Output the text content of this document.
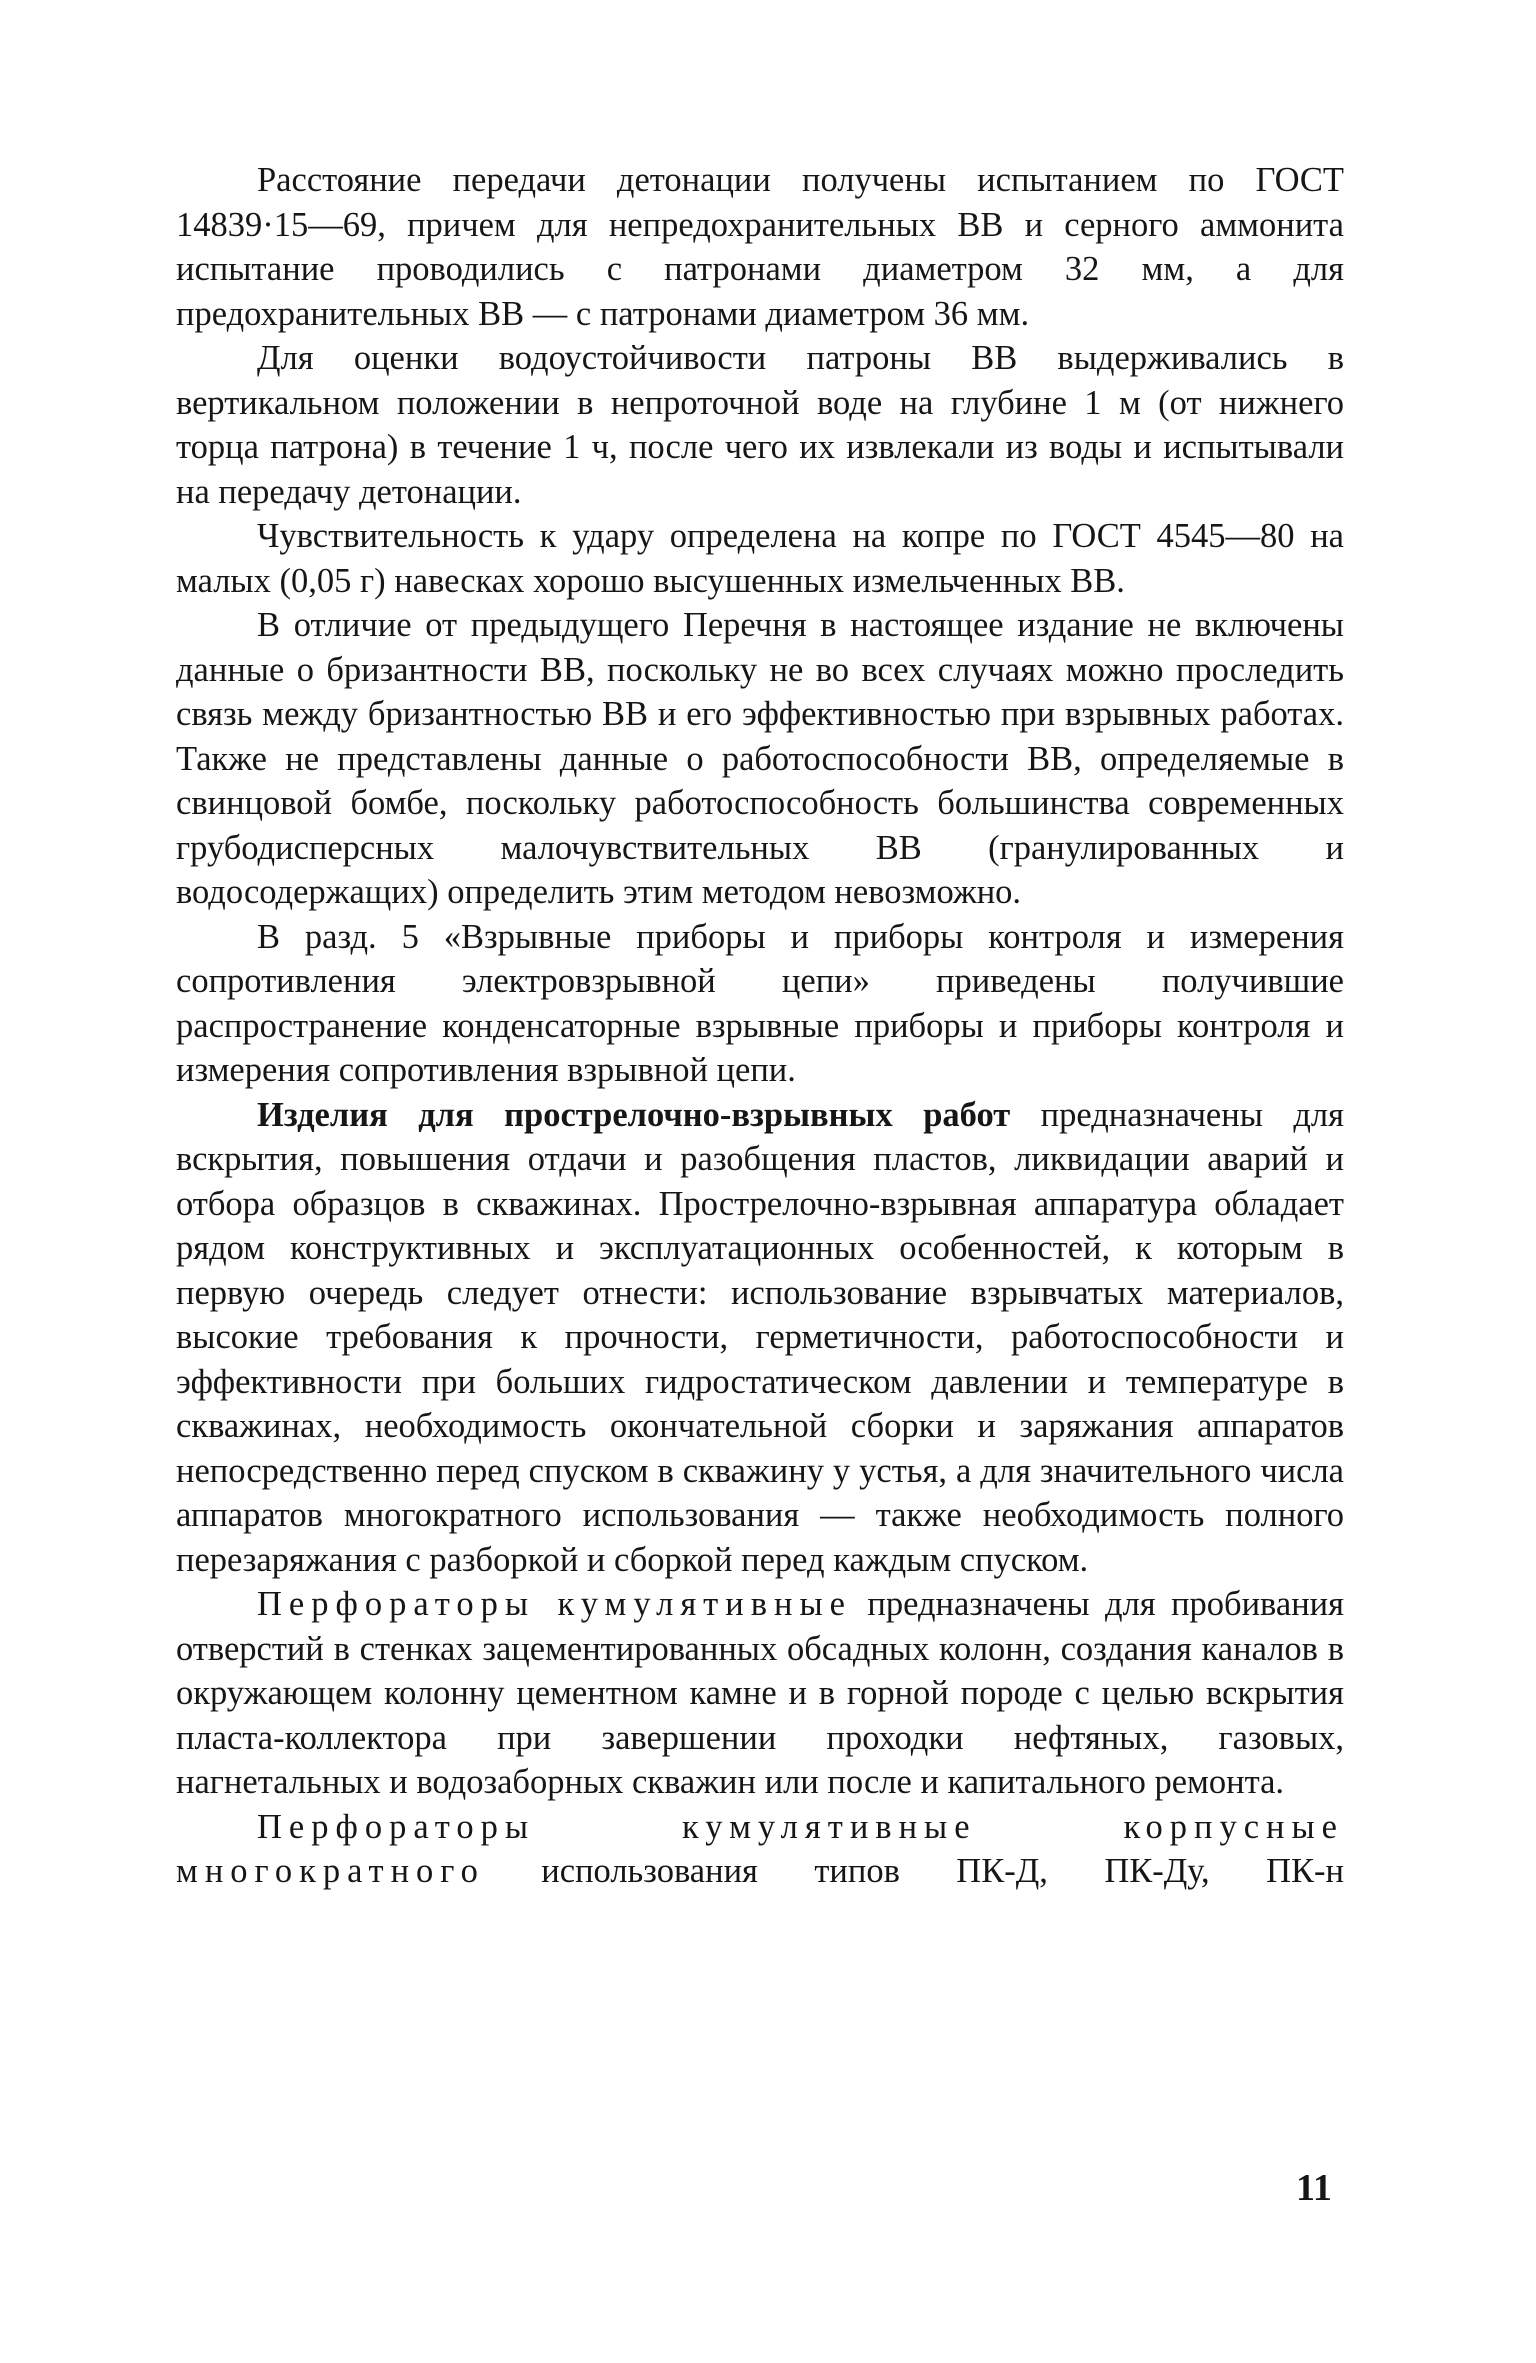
Расстояние передачи детонации получены испытанием по ГОСТ 14839·15—69, причем для непредохранительных ВВ и серного аммонита испытание проводились с патронами диаметром 32 мм, а для предохранительных ВВ — с патронами диаметром 36 мм.

Для оценки водоустойчивости патроны ВВ выдерживались в вертикальном положении в непроточной воде на глубине 1 м (от нижнего торца патрона) в течение 1 ч, после чего их извлекали из воды и испытывали на передачу детонации.

Чувствительность к удару определена на копре по ГОСТ 4545—80 на малых (0,05 г) навесках хорошо высушенных измельченных ВВ.

В отличие от предыдущего Перечня в настоящее издание не включены данные о бризантности ВВ, поскольку не во всех случаях можно проследить связь между бризантностью ВВ и его эффективностью при взрывных работах. Также не представлены данные о работоспособности ВВ, определяемые в свинцовой бомбе, поскольку работоспособность большинства современных грубодисперсных малочувствительных ВВ (гранулированных и водосодержащих) определить этим методом невозможно.

В разд. 5 «Взрывные приборы и приборы контроля и измерения сопротивления электровзрывной цепи» приведены получившие распространение конденсаторные взрывные приборы и приборы контроля и измерения сопротивления взрывной цепи.

Изделия для прострелочно-взрывных работ предназначены для вскрытия, повышения отдачи и разобщения пластов, ликвидации аварий и отбора образцов в скважинах. Прострелочно-взрывная аппаратура обладает рядом конструктивных и эксплуатационных особенностей, к которым в первую очередь следует отнести: использование взрывчатых материалов, высокие требования к прочности, герметичности, работоспособности и эффективности при больших гидростатическом давлении и температуре в скважинах, необходимость окончательной сборки и заряжания аппаратов непосредственно перед спуском в скважину у устья, а для значительного числа аппаратов многократного использования — также необходимость полного перезаряжания с разборкой и сборкой перед каждым спуском.

Перфораторы кумулятивные предназначены для пробивания отверстий в стенках зацементированных обсадных колонн, создания каналов в окружающем колонну цементном камне и в горной породе с целью вскрытия пласта-коллектора при завершении проходки нефтяных, газовых, нагнетальных и водозаборных скважин или после и капитального ремонта.

Перфораторы кумулятивные корпусные многократного использования типов ПК-Д, ПК-Ду, ПК-н

11
